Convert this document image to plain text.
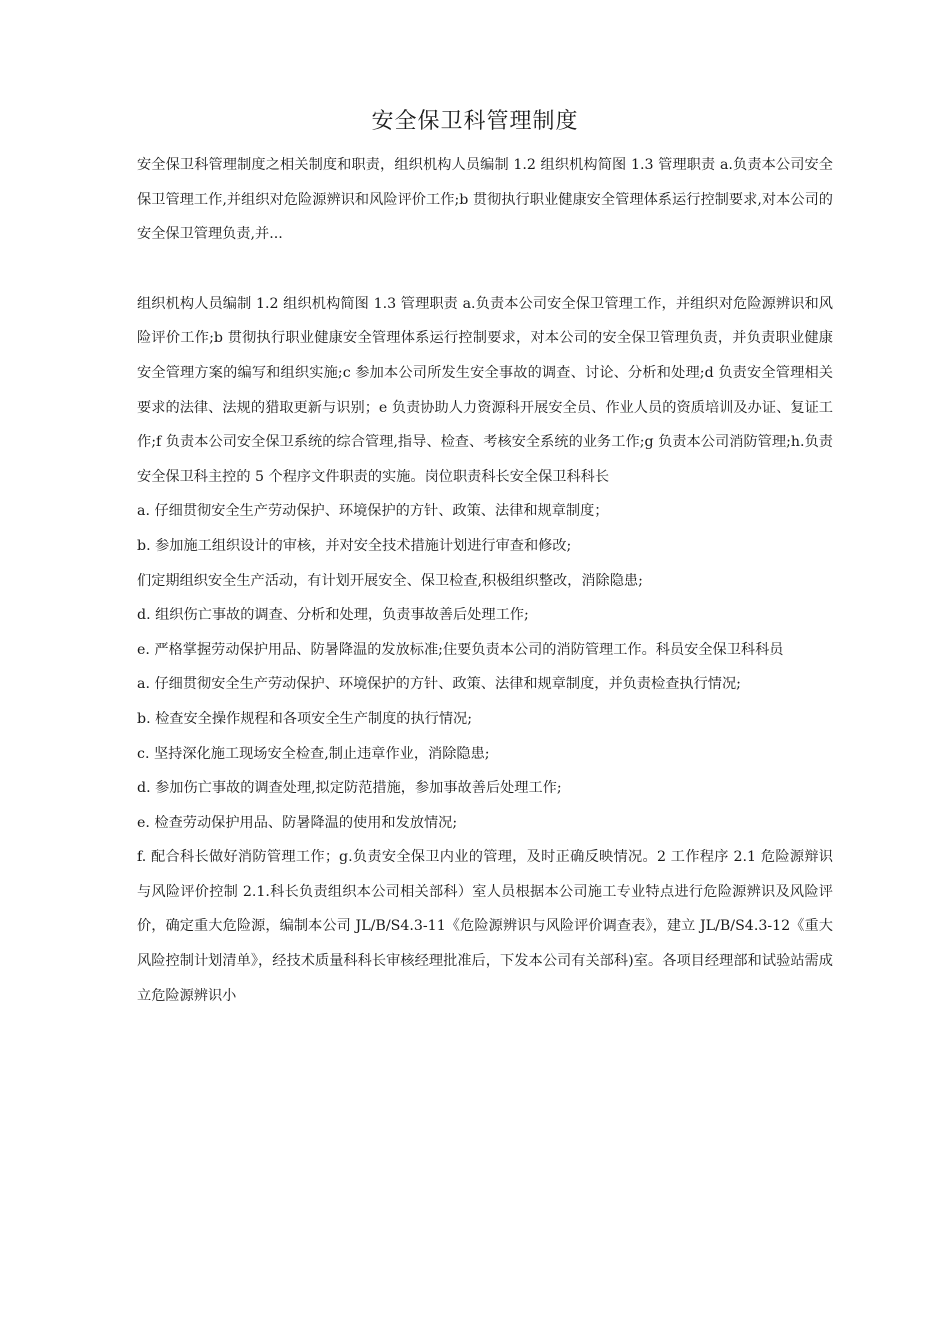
安全保卫科管理制度

安全保卫科管理制度之相关制度和职责，组织机构人员编制 1.2 组织机构简图 1.3 管理职责 a.负责本公司安全保卫管理工作,并组织对危险源辨识和风险评价工作;b 贯彻执行职业健康安全管理体系运行控制要求,对本公司的安全保卫管理负责,并...

组织机构人员编制 1.2 组织机构简图 1.3 管理职责 a.负责本公司安全保卫管理工作，并组织对危险源辨识和风险评价工作;b 贯彻执行职业健康安全管理体系运行控制要求，对本公司的安全保卫管理负责，并负责职业健康安全管理方案的编写和组织实施;c 参加本公司所发生安全事故的调查、讨论、分析和处理;d 负责安全管理相关要求的法律、法规的猎取更新与识别；e 负责协助人力资源科开展安全员、作业人员的资质培训及办证、复证工作;f 负责本公司安全保卫系统的综合管理,指导、检查、考核安全系统的业务工作;g 负责本公司消防管理;h.负责安全保卫科主控的 5 个程序文件职责的实施。岗位职责科长安全保卫科科长

a. 仔细贯彻安全生产劳动保护、环境保护的方针、政策、法律和规章制度；

b. 参加施工组织设计的审核，并对安全技术措施计划进行审查和修改;

们定期组织安全生产活动，有计划开展安全、保卫检查,积极组织整改，消除隐患;

d. 组织伤亡事故的调查、分析和处理，负责事故善后处理工作;

e. 严格掌握劳动保护用品、防暑降温的发放标准;住要负责本公司的消防管理工作。科员安全保卫科科员

a. 仔细贯彻安全生产劳动保护、环境保护的方针、政策、法律和规章制度，并负责检查执行情况;

b. 检查安全操作规程和各项安全生产制度的执行情况;

c. 坚持深化施工现场安全检查,制止违章作业，消除隐患;

d. 参加伤亡事故的调查处理,拟定防范措施，参加事故善后处理工作;

e. 检查劳动保护用品、防暑降温的使用和发放情况;

f. 配合科长做好消防管理工作；g.负责安全保卫内业的管理，及时正确反映情况。2 工作程序 2.1 危险源辩识与风险评价控制 2.1.科长负责组织本公司相关部科）室人员根据本公司施工专业特点进行危险源辨识及风险评价，确定重大危险源，编制本公司 JL/B/S4.3-11《危险源辨识与风险评价调查表》，建立 JL/B/S4.3-12《重大风险控制计划清单》，经技术质量科科长审核经理批准后，下发本公司有关部科)室。各项目经理部和试验站需成立危险源辨识小
